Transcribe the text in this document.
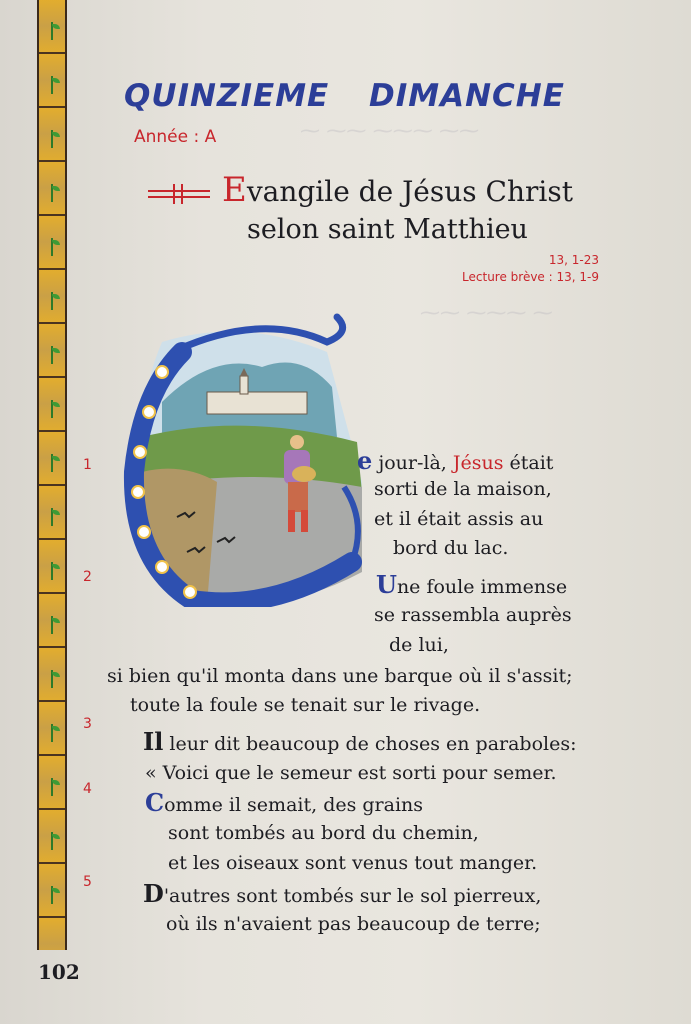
⁓ ⁓⁓ ⁓⁓⁓ ⁓⁓
⁓⁓ ⁓⁓⁓ ⁓
QUINZIEME DIMANCHE
Année : A
Evangile de Jésus Christ
selon saint Matthieu
13, 1-23
Lecture brève : 13, 1-9
1
2
3
4
5
e jour-là, Jésus était
sorti de la maison,
et il était assis au
bord du lac.
Une foule immense
se rassembla auprès
de lui,
si bien qu'il monta dans une barque où il s'assit;
toute la foule se tenait sur le rivage.
Il leur dit beaucoup de choses en paraboles:
« Voici que le semeur est sorti pour semer.
Comme il semait, des grains
sont tombés au bord du chemin,
et les oiseaux sont venus tout manger.
D'autres sont tombés sur le sol pierreux,
où ils n'avaient pas beaucoup de terre;
102
